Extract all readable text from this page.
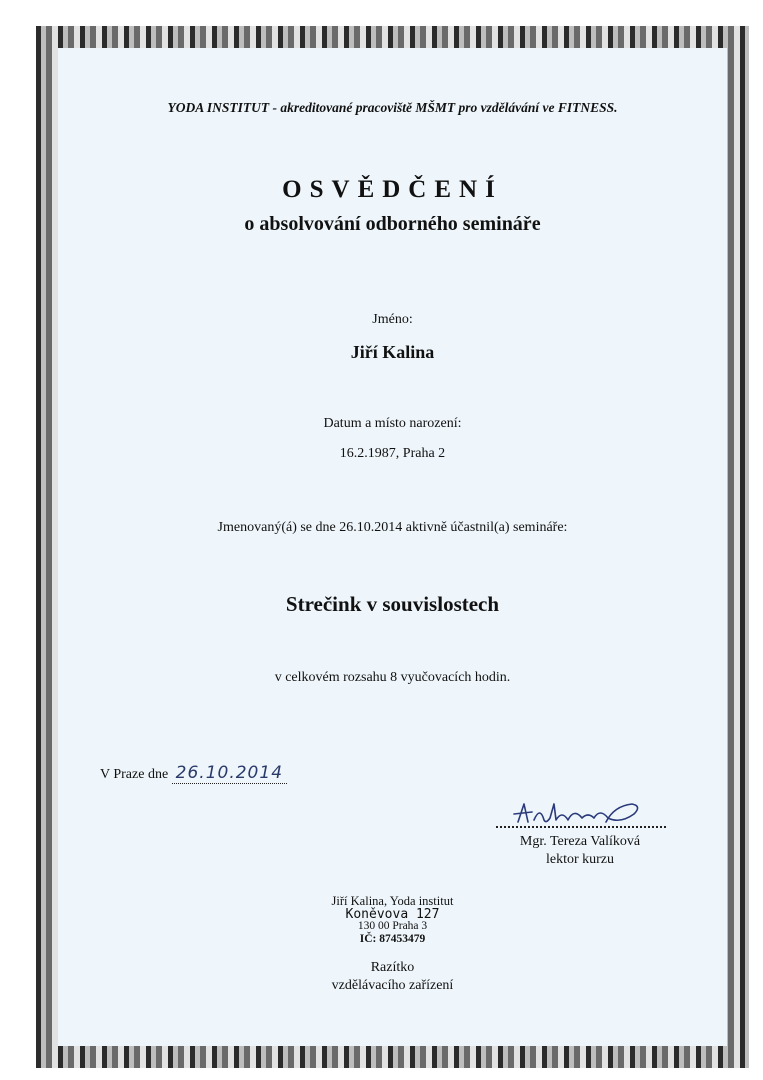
YODA INSTITUT - akreditované pracoviště MŠMT pro vzdělávání ve FITNESS.
OSVĚDČENÍ
o absolvování odborného semináře
Jméno:
Jiří Kalina
Datum a místo narození:
16.2.1987, Praha 2
Jmenovaný(á) se dne 26.10.2014 aktivně účastnil(a) semináře:
Strečink v souvislostech
v celkovém rozsahu 8 vyučovacích hodin.
V Praze dne 26.10.2014
Mgr. Tereza Valíková
lektor kurzu
Jiří Kalina, Yoda institut
Koněvova 127
130 00 Praha 3
IČ: 87453479
Razítko
vzdělávacího zařízení
